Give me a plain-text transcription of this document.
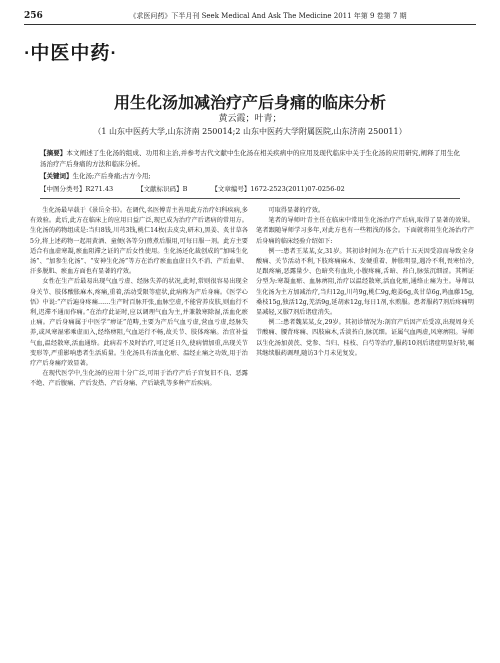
256	《求医问药》下半月刊 Seek Medical And Ask The Medicine 2011 年第 9 卷第 7 期
·中医中药·
用生化汤加减治疗产后身痛的临床分析
黄云霞；叶青；
（1 山东中医药大学,山东济南 250014;2 山东中医药大学附属医院,山东济南 250011）
【摘要】本文阐述了生化汤的组成、功用和主治,并参考古代文献中生化汤在相关疾病中的应用及现代临床中关于生化汤的应用研究,阐释了用生化汤治疗产后身痛的方法和临床分析。
【关键词】生化汤;产后身痛;古方今用;
【中图分类号】R271.43	【文献标识码】B	【文章编号】1672-2523(2011)07-0256-02

生化汤最早载于《景岳全书》。在调代,名医傅青主善用此方治疗妇科疾病,多有效验。此后,此方在临床上的应用日益广泛,现已成为治疗产后诸病的常用方。生化汤的药物组成是:当归8钱,川芎3钱,桃仁14枚(去皮尖,研末),黑姜、炙甘草各5分,将上述药物一起用黄酒、童便(各等分)煎煮后服用,可每日服一剂。此方主要适合有血虚寒凝,瘀血阻滞之证的产后女性使用。生化汤还化裁创成的“加味生化汤”、“加参生化汤”、“安神生化汤”等方在治疗瘀血血虚日久不消、产后血晕、汗多脱肌、瘀血方面也有显著的疗效。

女性在生产后最易出现气血亏虚、经脉失养的状况,此时,常则很容易出现全身关节、肢体酸胀麻木,疼痛,重着,活动受限等症状,此病称为产后身痛。《医学心悟》中说:“产后遍身疼痛……生产时百脉开张,血脉空虚,不能营养皮肤,则血行不利,迟滞不通而作痛。”在治疗此证时,应以调理气血为主,并兼散寒除湿,活血化瘀止痛。产后身痛属于中医学“痹证”范畴,主要为产后气血亏虚,营血亏虚,经脉失养,或风寒湿邪乘虚而入,经络痹阻,气血运行不畅,故关节、肢体疼痛。治宜补益气血,温经散寒,活血通络。此病若不及时治疗,可迁延日久,使病情加重,出现关节变形等,严重影响患者生活质量。生化汤具有活血化瘀、温经止痛之功效,用于治疗产后身痛疗效显著。

在现代医学中,生化汤的应用十分广泛,可用于治疗产后子宫复旧不良、恶露不绝、产后腹痛、产后发热、产后身痛、产后缺乳等多种产后疾病。

可取得显著的疗效。

笔者的导师叶青主任在临床中常用生化汤治疗产后病,取得了显著的效果。笔者跟随导师学习多年,对此方也有一些粗浅的体会。下面就将用生化汤治疗产后身痛的临床经验介绍如下:

例一:患者王某某,女,31岁。其初诊时间为:在产后十五天因受凉而导致全身酸痛、关节活动不利,下肢疼痛麻木、发硬重着、肿胀明显,遇冷不利,畏寒怕冷,足跟疼痛,恶露量少、色暗夹有血块,小腹疼痛,舌暗、苔白,脉弦沉细涩。其辨证分型为:寒凝血瘀、血脉痹阻,治疗以温经散寒,活血化瘀,通络止痛为主。导师以生化汤为主方加减治疗,当归12g,川芎9g,桃仁9g,炮姜6g,炙甘草6g,鸡血藤15g,桑枝15g,独活12g,羌活9g,延胡索12g,每日1剂,水煎服。患者服药7剂后疼痛明显减轻,又服7剂后诸症消失。

例二:患者魏某某,女,29岁。其初诊情况为:剖宫产后因产后受凉,出现周身关节酸痛、腰背疼痛、四肢麻木,舌淡苔白,脉沉细。证属气血两虚,风寒痹阻。导师以生化汤加黄芪、党参、当归、桂枝、白芍等治疗,服药10剂后诸症明显好转,嘱其继续服药调理,随访3个月未见复发。
